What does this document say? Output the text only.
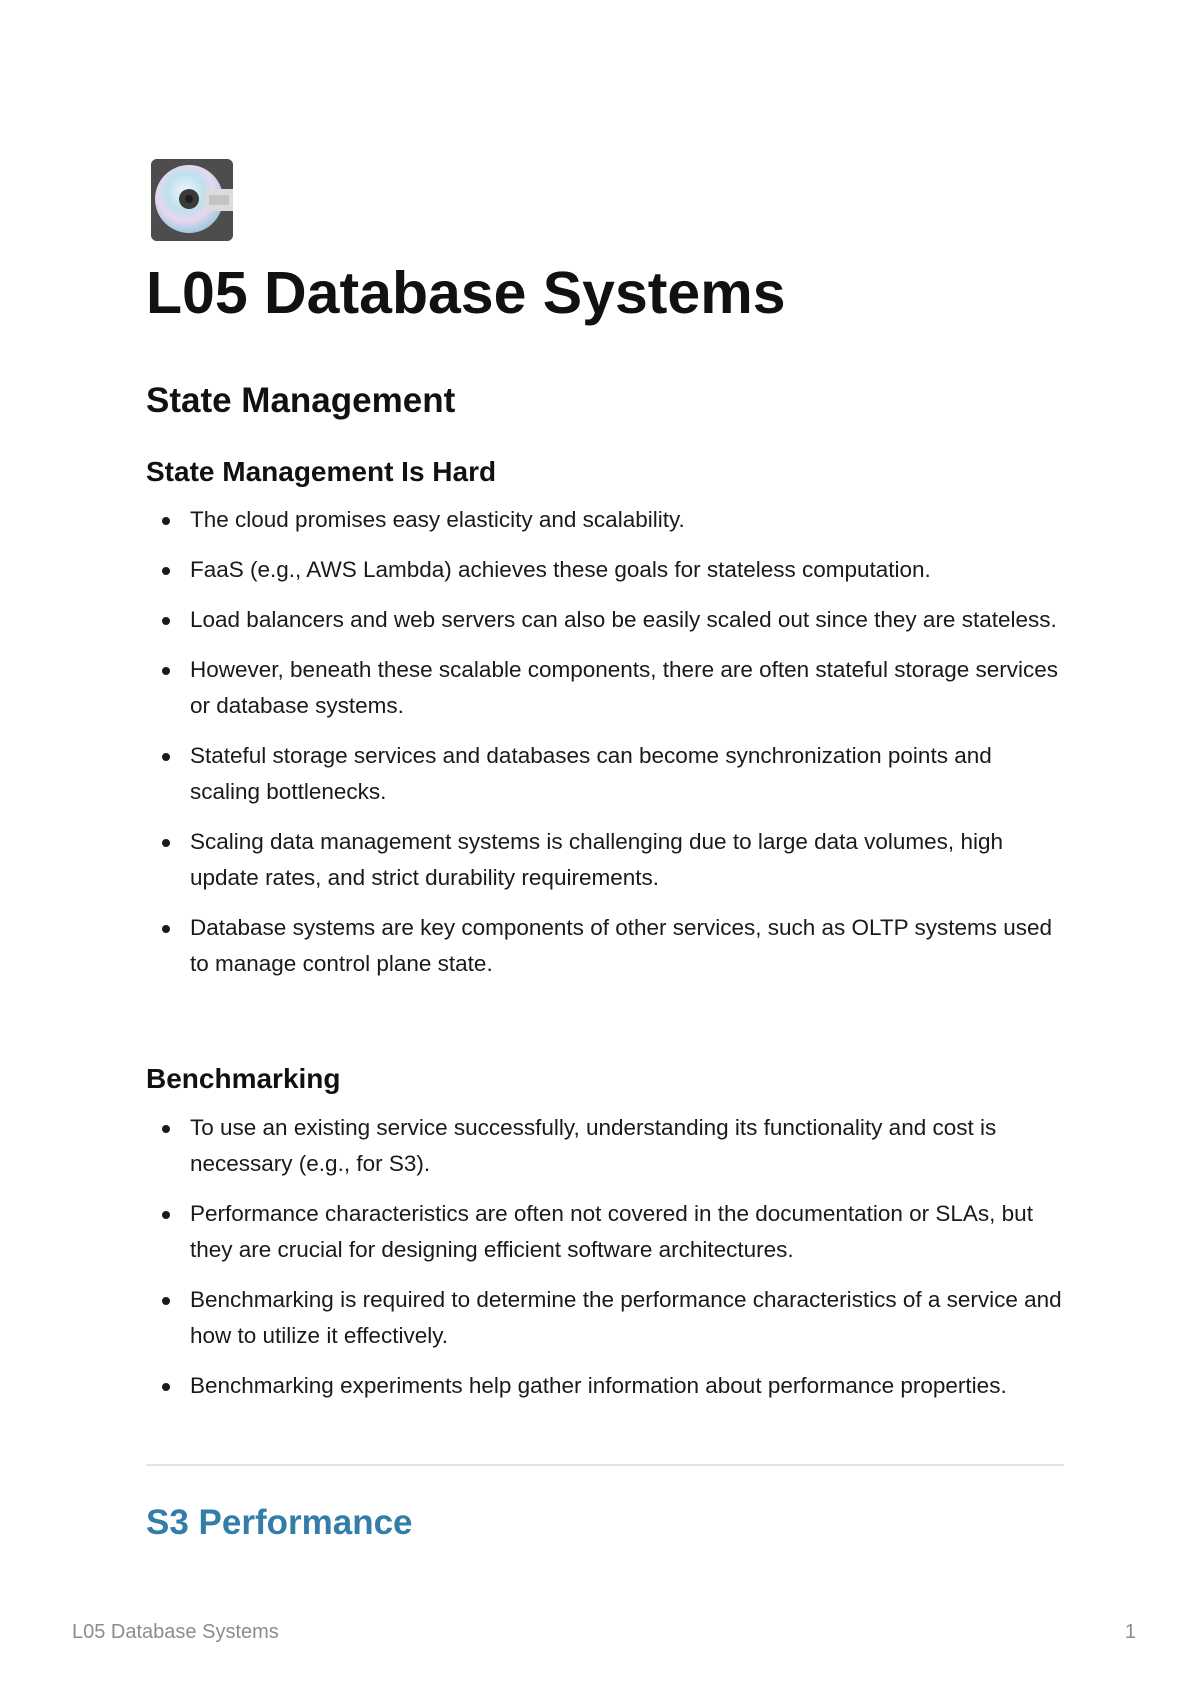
L05 Database Systems
State Management
State Management Is Hard
The cloud promises easy elasticity and scalability.
FaaS (e.g., AWS Lambda) achieves these goals for stateless computation.
Load balancers and web servers can also be easily scaled out since they are stateless.
However, beneath these scalable components, there are often stateful storage services or database systems.
Stateful storage services and databases can become synchronization points and scaling bottlenecks.
Scaling data management systems is challenging due to large data volumes, high update rates, and strict durability requirements.
Database systems are key components of other services, such as OLTP systems used to manage control plane state.
Benchmarking
To use an existing service successfully, understanding its functionality and cost is necessary (e.g., for S3).
Performance characteristics are often not covered in the documentation or SLAs, but they are crucial for designing efficient software architectures.
Benchmarking is required to determine the performance characteristics of a service and how to utilize it effectively.
Benchmarking experiments help gather information about performance properties.
S3 Performance
L05 Database Systems	1
